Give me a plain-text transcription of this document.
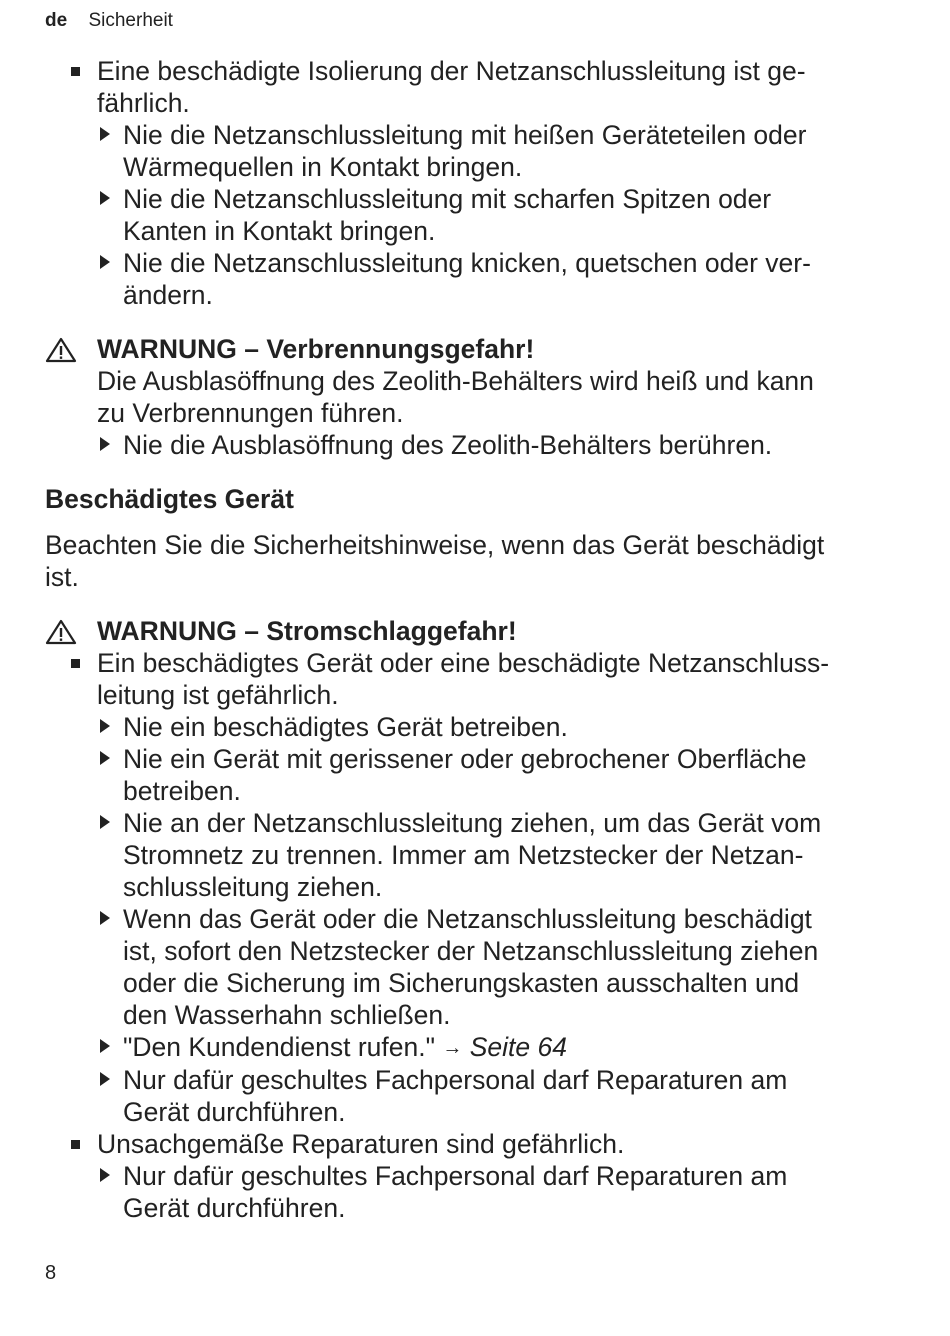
de Sicherheit
Eine beschädigte Isolierung der Netzanschlussleitung ist ge-
fährlich.
Nie die Netzanschlussleitung mit heißen Geräteteilen oder
Wärmequellen in Kontakt bringen.
Nie die Netzanschlussleitung mit scharfen Spitzen oder
Kanten in Kontakt bringen.
Nie die Netzanschlussleitung knicken, quetschen oder ver-
ändern.
WARNUNG – Verbrennungsgefahr!
Die Ausblasöffnung des Zeolith-Behälters wird heiß und kann
zu Verbrennungen führen.
Nie die Ausblasöffnung des Zeolith-Behälters berühren.
Beschädigtes Gerät
Beachten Sie die Sicherheitshinweise, wenn das Gerät beschädigt
ist.
WARNUNG – Stromschlaggefahr!
Ein beschädigtes Gerät oder eine beschädigte Netzanschluss-
leitung ist gefährlich.
Nie ein beschädigtes Gerät betreiben.
Nie ein Gerät mit gerissener oder gebrochener Oberfläche
betreiben.
Nie an der Netzanschlussleitung ziehen, um das Gerät vom
Stromnetz zu trennen. Immer am Netzstecker der Netzan-
schlussleitung ziehen.
Wenn das Gerät oder die Netzanschlussleitung beschädigt
ist, sofort den Netzstecker der Netzanschlussleitung ziehen
oder die Sicherung im Sicherungskasten ausschalten und
den Wasserhahn schließen.
"Den Kundendienst rufen." → Seite 64
Nur dafür geschultes Fachpersonal darf Reparaturen am
Gerät durchführen.
Unsachgemäße Reparaturen sind gefährlich.
Nur dafür geschultes Fachpersonal darf Reparaturen am
Gerät durchführen.
8
